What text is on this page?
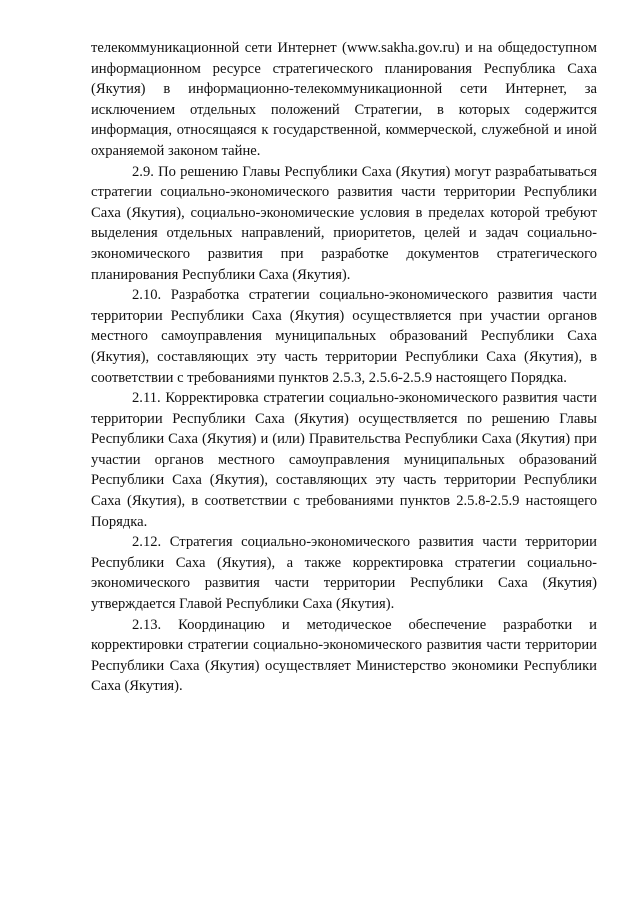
телекоммуникационной сети Интернет (www.sakha.gov.ru) и на общедоступном информационном ресурсе стратегического планирования Республика Саха (Якутия) в информационно-телекоммуникационной сети Интернет, за исключением отдельных положений Стратегии, в которых содержится информация, относящаяся к государственной, коммерческой, служебной и иной охраняемой законом тайне.

2.9. По решению Главы Республики Саха (Якутия) могут разрабатываться стратегии социально-экономического развития части территории Республики Саха (Якутия), социально-экономические условия в пределах которой требуют выделения отдельных направлений, приоритетов, целей и задач социально-экономического развития при разработке документов стратегического планирования Республики Саха (Якутия).

2.10. Разработка стратегии социально-экономического развития части территории Республики Саха (Якутия) осуществляется при участии органов местного самоуправления муниципальных образований Республики Саха (Якутия), составляющих эту часть территории Республики Саха (Якутия), в соответствии с требованиями пунктов 2.5.3, 2.5.6-2.5.9 настоящего Порядка.

2.11. Корректировка стратегии социально-экономического развития части территории Республики Саха (Якутия) осуществляется по решению Главы Республики Саха (Якутия) и (или) Правительства Республики Саха (Якутия) при участии органов местного самоуправления муниципальных образований Республики Саха (Якутия), составляющих эту часть территории Республики Саха (Якутия), в соответствии с требованиями пунктов 2.5.8-2.5.9 настоящего Порядка.

2.12. Стратегия социально-экономического развития части территории Республики Саха (Якутия), а также корректировка стратегии социально-экономического развития части территории Республики Саха (Якутия) утверждается Главой Республики Саха (Якутия).

2.13. Координацию и методическое обеспечение разработки и корректировки стратегии социально-экономического развития части территории Республики Саха (Якутия) осуществляет Министерство экономики Республики Саха (Якутия).
